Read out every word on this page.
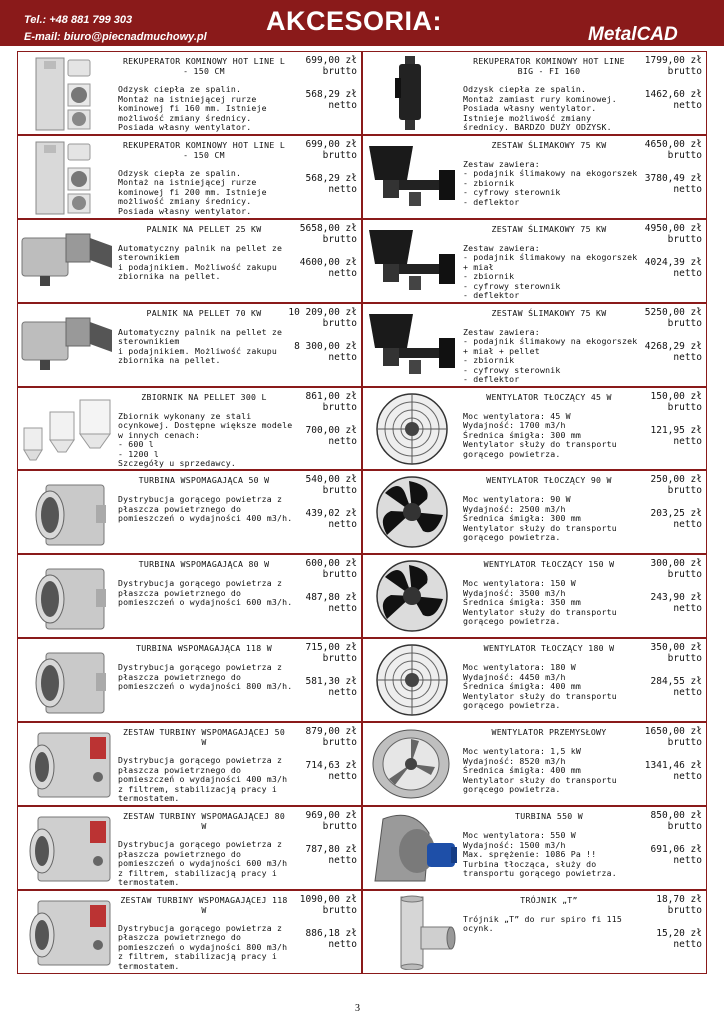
Tel.: +48 881 799 303
E-mail: biuro@piecnadmuchowy.pl
AKCESORIA:	MetalCAD
REKUPERATOR KOMINOWY HOT LINE L - 150 CM
Odzysk ciepła ze spalin.
Montaż na istniejącej rurze kominowej fi 160 mm. Istnieje możliwość zmiany średnicy.
Posiada własny wentylator.
699,00 zł
brutto
568,29 zł
netto
REKUPERATOR KOMINOWY HOT LINE BIG - FI 160
Odzysk ciepła ze spalin.
Montaż zamiast rury kominowej. Posiada własny wentylator. Istnieje możliwość zmiany średnicy. BARDZO DUŻY ODZYSK.
1799,00 zł
brutto
1462,60 zł
netto
REKUPERATOR KOMINOWY HOT LINE L - 150 CM
Odzysk ciepła ze spalin.
Montaż na istniejącej rurze kominowej fi 200 mm. Istnieje możliwość zmiany średnicy.
Posiada własny wentylator.
699,00 zł
brutto
568,29 zł
netto
ZESTAW ŚLIMAKOWY 75 KW
Zestaw zawiera:
- podajnik ślimakowy na ekogorszek
- zbiornik
- cyfrowy sterownik
- deflektor
4650,00 zł
brutto
3780,49 zł
netto
PALNIK NA PELLET 25 KW
Automatyczny palnik na pellet ze sterownikiem
i podajnikiem. Możliwość zakupu zbiornika na pellet.
5658,00 zł
brutto
4600,00 zł
netto
ZESTAW ŚLIMAKOWY 75 KW
Zestaw zawiera:
- podajnik ślimakowy na ekogorszek + miał
- zbiornik
- cyfrowy sterownik
- deflektor
4950,00 zł
brutto
4024,39 zł
netto
PALNIK NA PELLET 70 KW
Automatyczny palnik na pellet ze sterownikiem
i podajnikiem. Możliwość zakupu zbiornika na pellet.
10 209,00 zł
brutto
8 300,00 zł
netto
ZESTAW ŚLIMAKOWY 75 KW
Zestaw zawiera:
- podajnik ślimakowy na ekogorszek + miał + pellet
- zbiornik
- cyfrowy sterownik
- deflektor
5250,00 zł
brutto
4268,29 zł
netto
ZBIORNIK NA PELLET 300 L
Zbiornik wykonany ze stali ocynkowej. Dostępne większe modele w innych cenach:
- 600 l
- 1200 l
Szczegóły u sprzedawcy.
861,00 zł
brutto
700,00 zł
netto
WENTYLATOR TŁOCZĄCY 45 W
Moc wentylatora: 45 W
Wydajność: 1700 m3/h
Średnica śmigła: 300 mm
Wentylator służy do transportu gorącego powietrza.
150,00 zł
brutto
121,95 zł
netto
TURBINA WSPOMAGAJĄCA 50 W
Dystrybucja gorącego powietrza z płaszcza powietrznego do pomieszczeń o wydajności 400 m3/h.
540,00 zł
brutto
439,02 zł
netto
WENTYLATOR TŁOCZĄCY 90 W
Moc wentylatora: 90 W
Wydajność: 2500 m3/h
Średnica śmigła: 300 mm
Wentylator służy do transportu gorącego powietrza.
250,00 zł
brutto
203,25 zł
netto
TURBINA WSPOMAGAJĄCA 80 W
Dystrybucja gorącego powietrza z płaszcza powietrznego do pomieszczeń o wydajności 600 m3/h.
600,00 zł
brutto
487,80 zł
netto
WENTYLATOR TŁOCZĄCY 150 W
Moc wentylatora: 150 W
Wydajność: 3500 m3/h
Średnica śmigła: 350 mm
Wentylator służy do transportu gorącego powietrza.
300,00 zł
brutto
243,90 zł
netto
TURBINA WSPOMAGAJĄCA 118 W
Dystrybucja gorącego powietrza z płaszcza powietrznego do pomieszczeń o wydajności 800 m3/h.
715,00 zł
brutto
581,30 zł
netto
WENTYLATOR TŁOCZĄCY 180 W
Moc wentylatora: 180 W
Wydajność: 4450 m3/h
Średnica śmigła: 400 mm
Wentylator służy do transportu gorącego powietrza.
350,00 zł
brutto
284,55 zł
netto
ZESTAW TURBINY WSPOMAGAJĄCEJ 50 W
Dystrybucja gorącego powietrza z płaszcza powietrznego do pomieszczeń o wydajności 400 m3/h z filtrem, stabilizacją pracy i termostatem.
879,00 zł
brutto
714,63 zł
netto
WENTYLATOR PRZEMYSŁOWY
Moc wentylatora: 1,5 kW
Wydajność: 8520 m3/h
Średnica śmigła: 400 mm
Wentylator służy do transportu gorącego powietrza.
1650,00 zł
brutto
1341,46 zł
netto
ZESTAW TURBINY WSPOMAGAJĄCEJ 80 W
Dystrybucja gorącego powietrza z płaszcza powietrznego do pomieszczeń o wydajności 600 m3/h z filtrem, stabilizacją pracy i termostatem.
969,00 zł
brutto
787,80 zł
netto
TURBINA 550 W
Moc wentylatora: 550 W
Wydajność: 1500 m3/h
Max. sprężenie: 1086 Pa !!
Turbina tłocząca, służy do transportu gorącego powietrza.
850,00 zł
brutto
691,06 zł
netto
ZESTAW TURBINY WSPOMAGAJĄCEJ 118 W
Dystrybucja gorącego powietrza z płaszcza powietrznego do pomieszczeń o wydajności 800 m3/h z filtrem, stabilizacją pracy i termostatem.
1090,00 zł
brutto
886,18 zł
netto
TRÓJNIK „T”
Trójnik „T” do rur spiro fi 115 ocynk.
18,70 zł
brutto
15,20 zł
netto
3
